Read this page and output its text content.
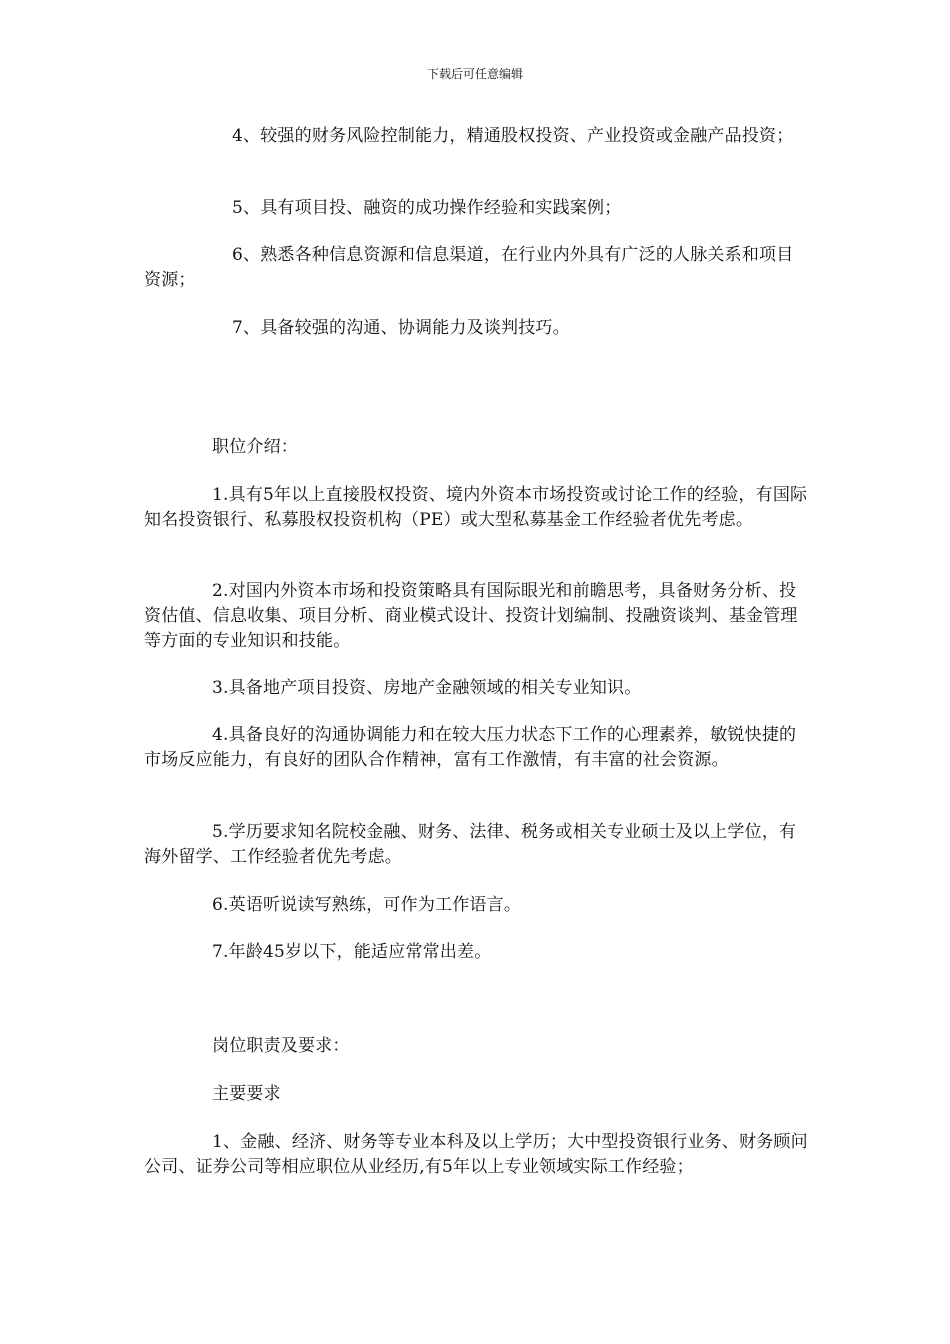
下载后可任意编辑

4、较强的财务风险控制能力，精通股权投资、产业投资或金融产品投资；

5、具有项目投、融资的成功操作经验和实践案例；

6、熟悉各种信息资源和信息渠道，在行业内外具有广泛的人脉关系和项目资源；

7、具备较强的沟通、协调能力及谈判技巧。

职位介绍：

1.具有5年以上直接股权投资、境内外资本市场投资或讨论工作的经验，有国际知名投资银行、私募股权投资机构（PE）或大型私募基金工作经验者优先考虑。

2.对国内外资本市场和投资策略具有国际眼光和前瞻思考，具备财务分析、投资估值、信息收集、项目分析、商业模式设计、投资计划编制、投融资谈判、基金管理等方面的专业知识和技能。

3.具备地产项目投资、房地产金融领域的相关专业知识。

4.具备良好的沟通协调能力和在较大压力状态下工作的心理素养，敏锐快捷的市场反应能力，有良好的团队合作精神，富有工作激情，有丰富的社会资源。

5.学历要求知名院校金融、财务、法律、税务或相关专业硕士及以上学位，有海外留学、工作经验者优先考虑。

6.英语听说读写熟练，可作为工作语言。

7.年龄45岁以下，能适应常常出差。

岗位职责及要求：

主要要求

1、金融、经济、财务等专业本科及以上学历；大中型投资银行业务、财务顾问公司、证券公司等相应职位从业经历,有5年以上专业领域实际工作经验；
